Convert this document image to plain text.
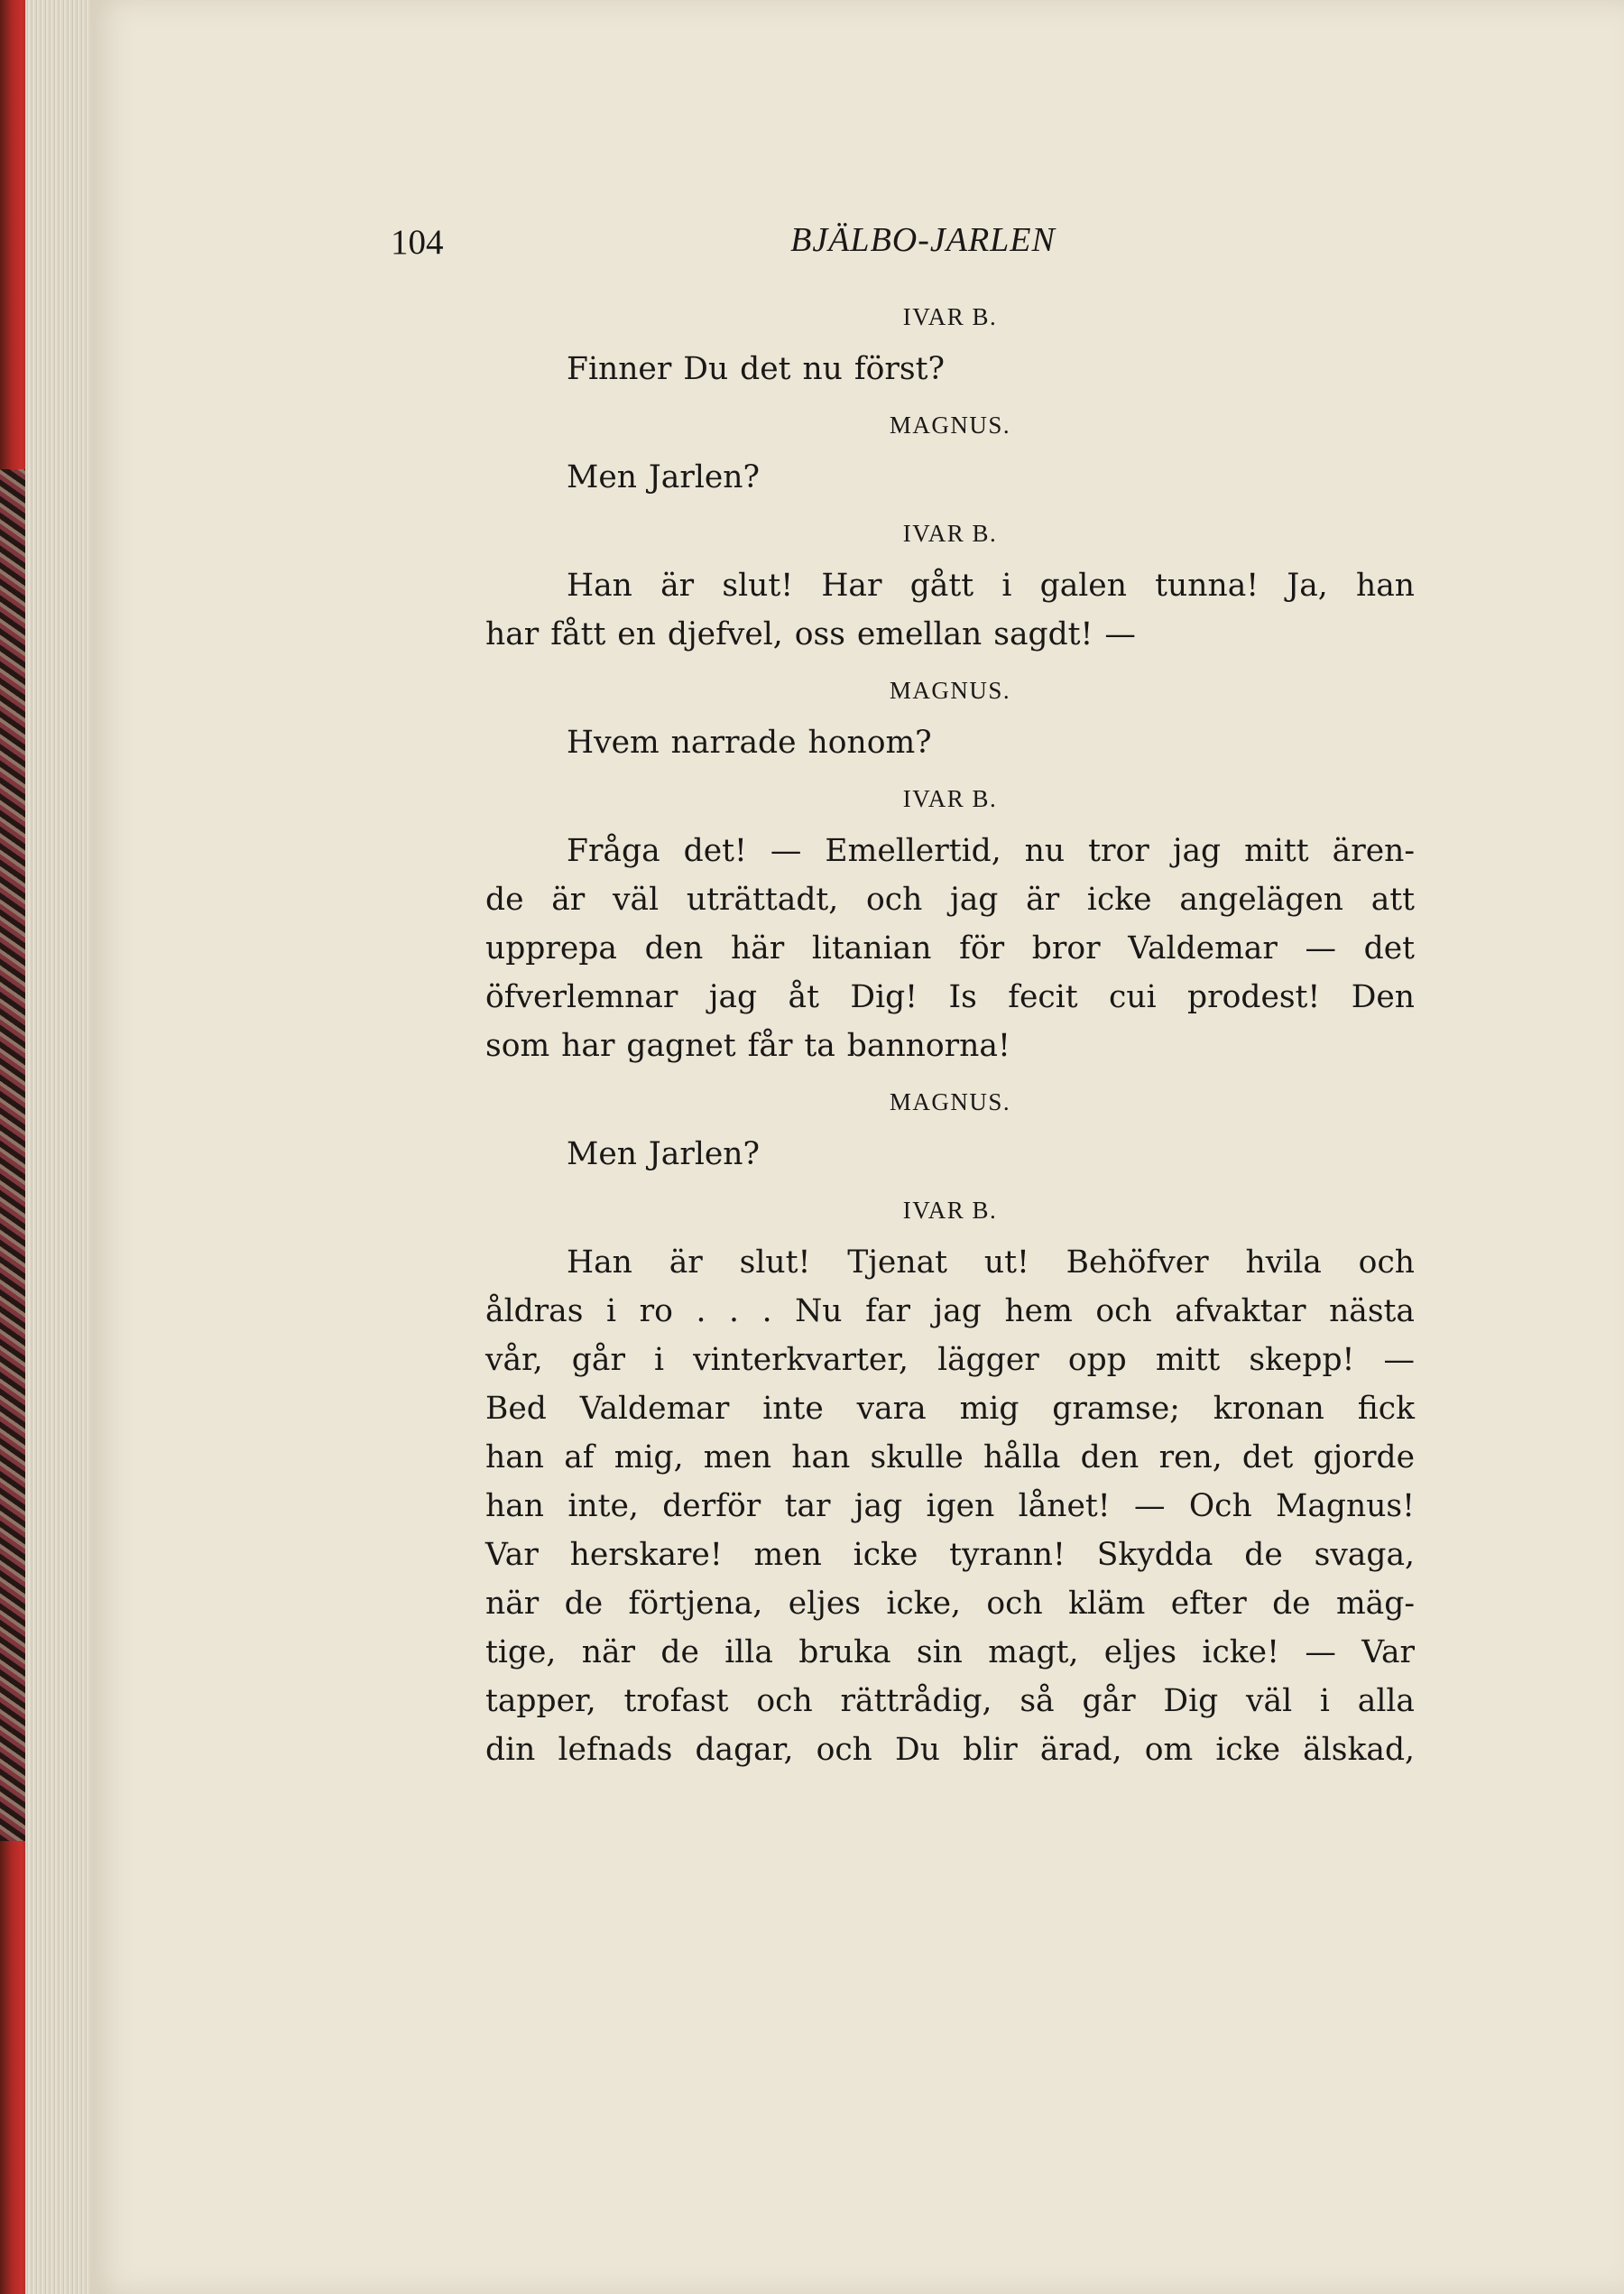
104	BJÄLBO-JARLEN
IVAR B.
Finner Du det nu först?
MAGNUS.
Men Jarlen?
IVAR B.
Han är slut! Har gått i galen tunna! Ja, han
har fått en djefvel, oss emellan sagdt! —
MAGNUS.
Hvem narrade honom?
IVAR B.
Fråga det! — Emellertid, nu tror jag mitt ären-
de är väl uträttadt, och jag är icke angelägen att
upprepa den här litanian för bror Valdemar — det
öfverlemnar jag åt Dig! Is fecit cui prodest! Den
som har gagnet får ta bannorna!
MAGNUS.
Men Jarlen?
IVAR B.
Han är slut! Tjenat ut! Behöfver hvila och
åldras i ro . . . Nu far jag hem och afvaktar nästa
vår, går i vinterkvarter, lägger opp mitt skepp! —
Bed Valdemar inte vara mig gramse; kronan fick
han af mig, men han skulle hålla den ren, det gjorde
han inte, derför tar jag igen lånet! — Och Magnus!
Var herskare! men icke tyrann! Skydda de svaga,
när de förtjena, eljes icke, och kläm efter de mäg-
tige, när de illa bruka sin magt, eljes icke! — Var
tapper, trofast och rättrådig, så går Dig väl i alla
din lefnads dagar, och Du blir ärad, om icke älskad,
